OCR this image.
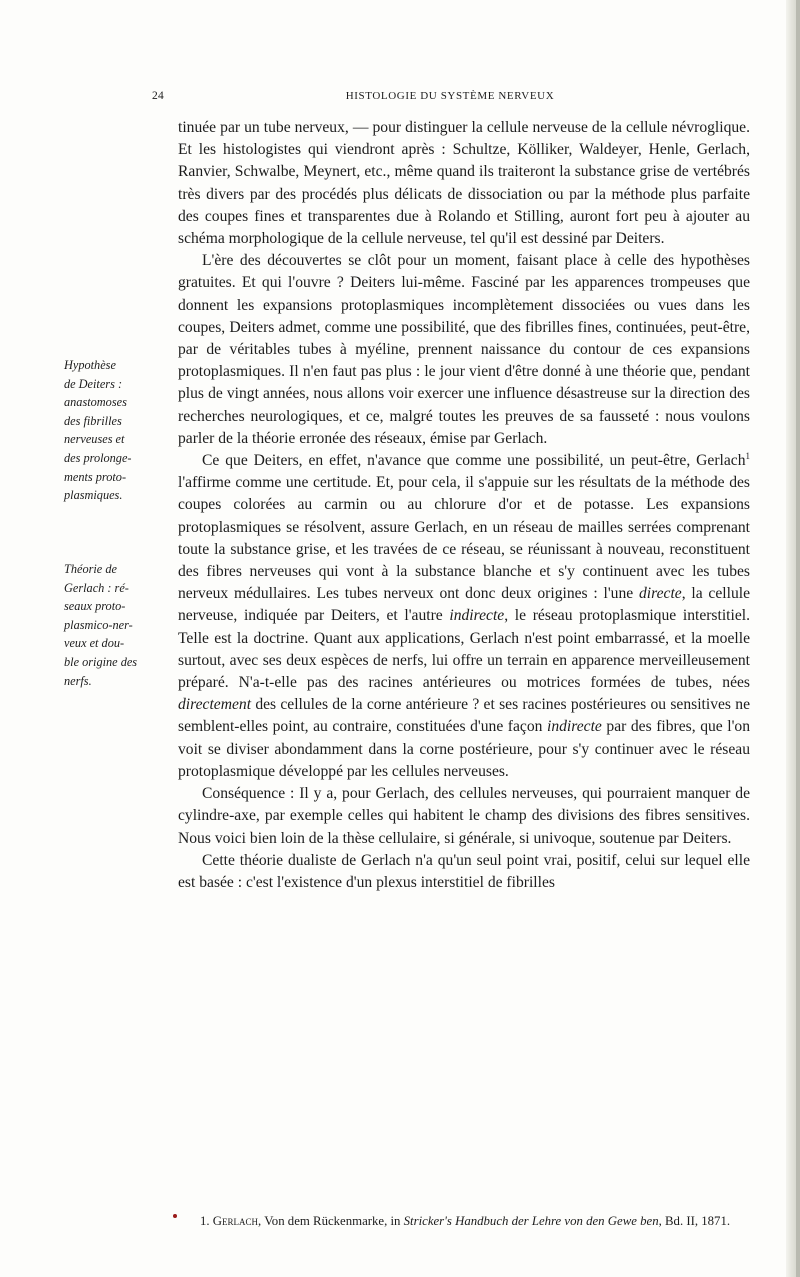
24	HISTOLOGIE DU SYSTÈME NERVEUX
Hypothèse
de Deiters :
anastomoses
des fibrilles
nerveuses et
des prolonge-
ments proto-
plasmiques.
Théorie de
Gerlach : ré-
seaux proto-
plasmico-ner-
veux et dou-
ble origine des
nerfs.

tinuée par un tube nerveux, — pour distinguer la cellule nerveuse de la cellule névroglique. Et les histologistes qui viendront après : Schultze, Kölliker, Waldeyer, Henle, Gerlach, Ranvier, Schwalbe, Meynert, etc., même quand ils traiteront la substance grise de vertébrés très divers par des procédés plus délicats de dissociation ou par la méthode plus parfaite des coupes fines et transparentes due à Rolando et Stilling, auront fort peu à ajouter au schéma morphologique de la cellule nerveuse, tel qu'il est dessiné par Deiters.

L'ère des découvertes se clôt pour un moment, faisant place à celle des hypothèses gratuites. Et qui l'ouvre ? Deiters lui-même. Fasciné par les apparences trompeuses que donnent les expansions protoplasmiques incomplètement dissociées ou vues dans les coupes, Deiters admet, comme une possibilité, que des fibrilles fines, continuées, peut-être, par de véritables tubes à myéline, prennent naissance du contour de ces expansions protoplasmiques. Il n'en faut pas plus : le jour vient d'être donné à une théorie que, pendant plus de vingt années, nous allons voir exercer une influence désastreuse sur la direction des recherches neurologiques, et ce, malgré toutes les preuves de sa fausseté : nous voulons parler de la théorie erronée des réseaux, émise par Gerlach.

Ce que Deiters, en effet, n'avance que comme une possibilité, un peut-être, Gerlach$^1$ l'affirme comme une certitude. Et, pour cela, il s'appuie sur les résultats de la méthode des coupes colorées au carmin ou au chlorure d'or et de potasse. Les expansions protoplasmiques se résolvent, assure Gerlach, en un réseau de mailles serrées comprenant toute la substance grise, et les travées de ce réseau, se réunissant à nouveau, reconstituent des fibres nerveuses qui vont à la substance blanche et s'y continuent avec les tubes nerveux médullaires. Les tubes nerveux ont donc deux origines : l'une directe, la cellule nerveuse, indiquée par Deiters, et l'autre indirecte, le réseau protoplasmique interstitiel. Telle est la doctrine. Quant aux applications, Gerlach n'est point embarrassé, et la moelle surtout, avec ses deux espèces de nerfs, lui offre un terrain en apparence merveilleusement préparé. N'a-t-elle pas des racines antérieures ou motrices formées de tubes, nées directement des cellules de la corne antérieure ? et ses racines postérieures ou sensitives ne semblent-elles point, au contraire, constituées d'une façon indirecte par des fibres, que l'on voit se diviser abondamment dans la corne postérieure, pour s'y continuer avec le réseau protoplasmique développé par les cellules nerveuses.

Conséquence : Il y a, pour Gerlach, des cellules nerveuses, qui pourraient manquer de cylindre-axe, par exemple celles qui habitent le champ des divisions des fibres sensitives. Nous voici bien loin de la thèse cellulaire, si générale, si univoque, soutenue par Deiters.

Cette théorie dualiste de Gerlach n'a qu'un seul point vrai, positif, celui sur lequel elle est basée : c'est l'existence d'un plexus interstitiel de fibrilles

1. Gerlach, Von dem Rückenmarke, in Stricker's Handbuch der Lehre von den Gewe ben, Bd. II, 1871.
